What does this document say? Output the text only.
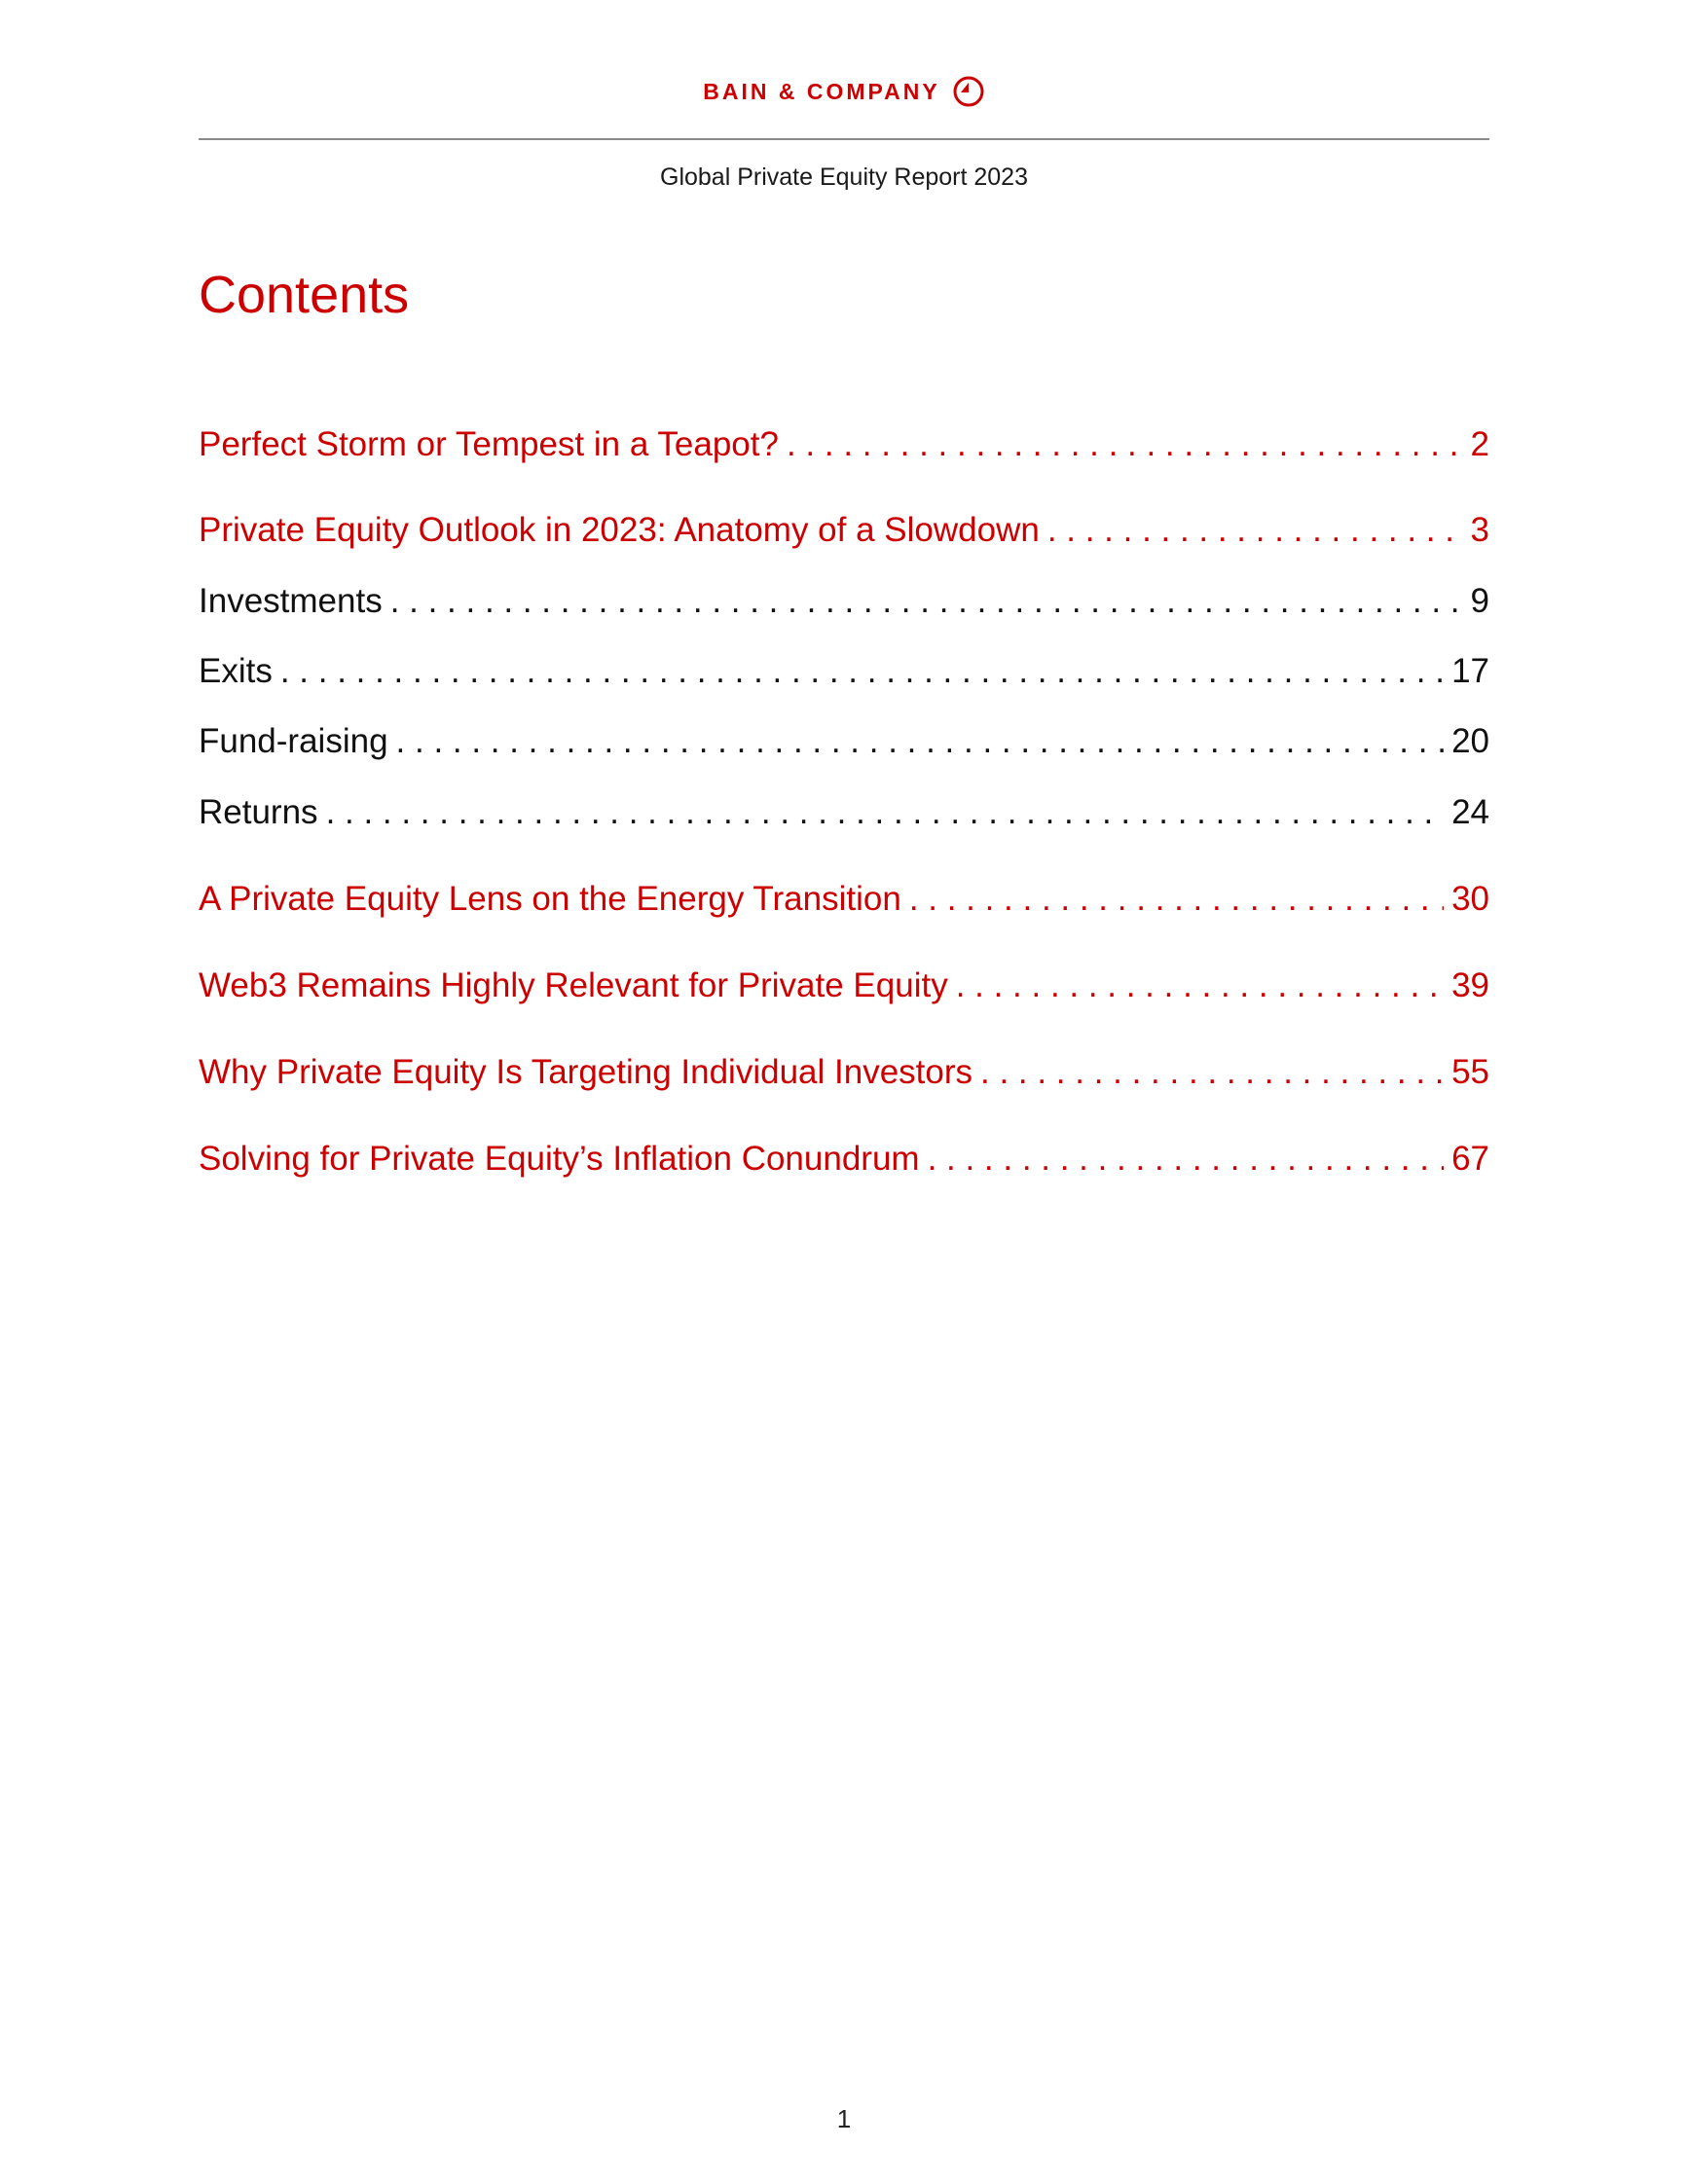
BAIN & COMPANY
Global Private Equity Report 2023
Contents
Perfect Storm or Tempest in a Teapot? . . .	2
Private Equity Outlook in 2023: Anatomy of a Slowdown . . .	3
Investments . . .	9
Exits . . .	17
Fund-raising . . .	20
Returns . . .	24
A Private Equity Lens on the Energy Transition . . .	30
Web3 Remains Highly Relevant for Private Equity . . .	39
Why Private Equity Is Targeting Individual Investors . . .	55
Solving for Private Equity’s Inflation Conundrum . . .	67
1
